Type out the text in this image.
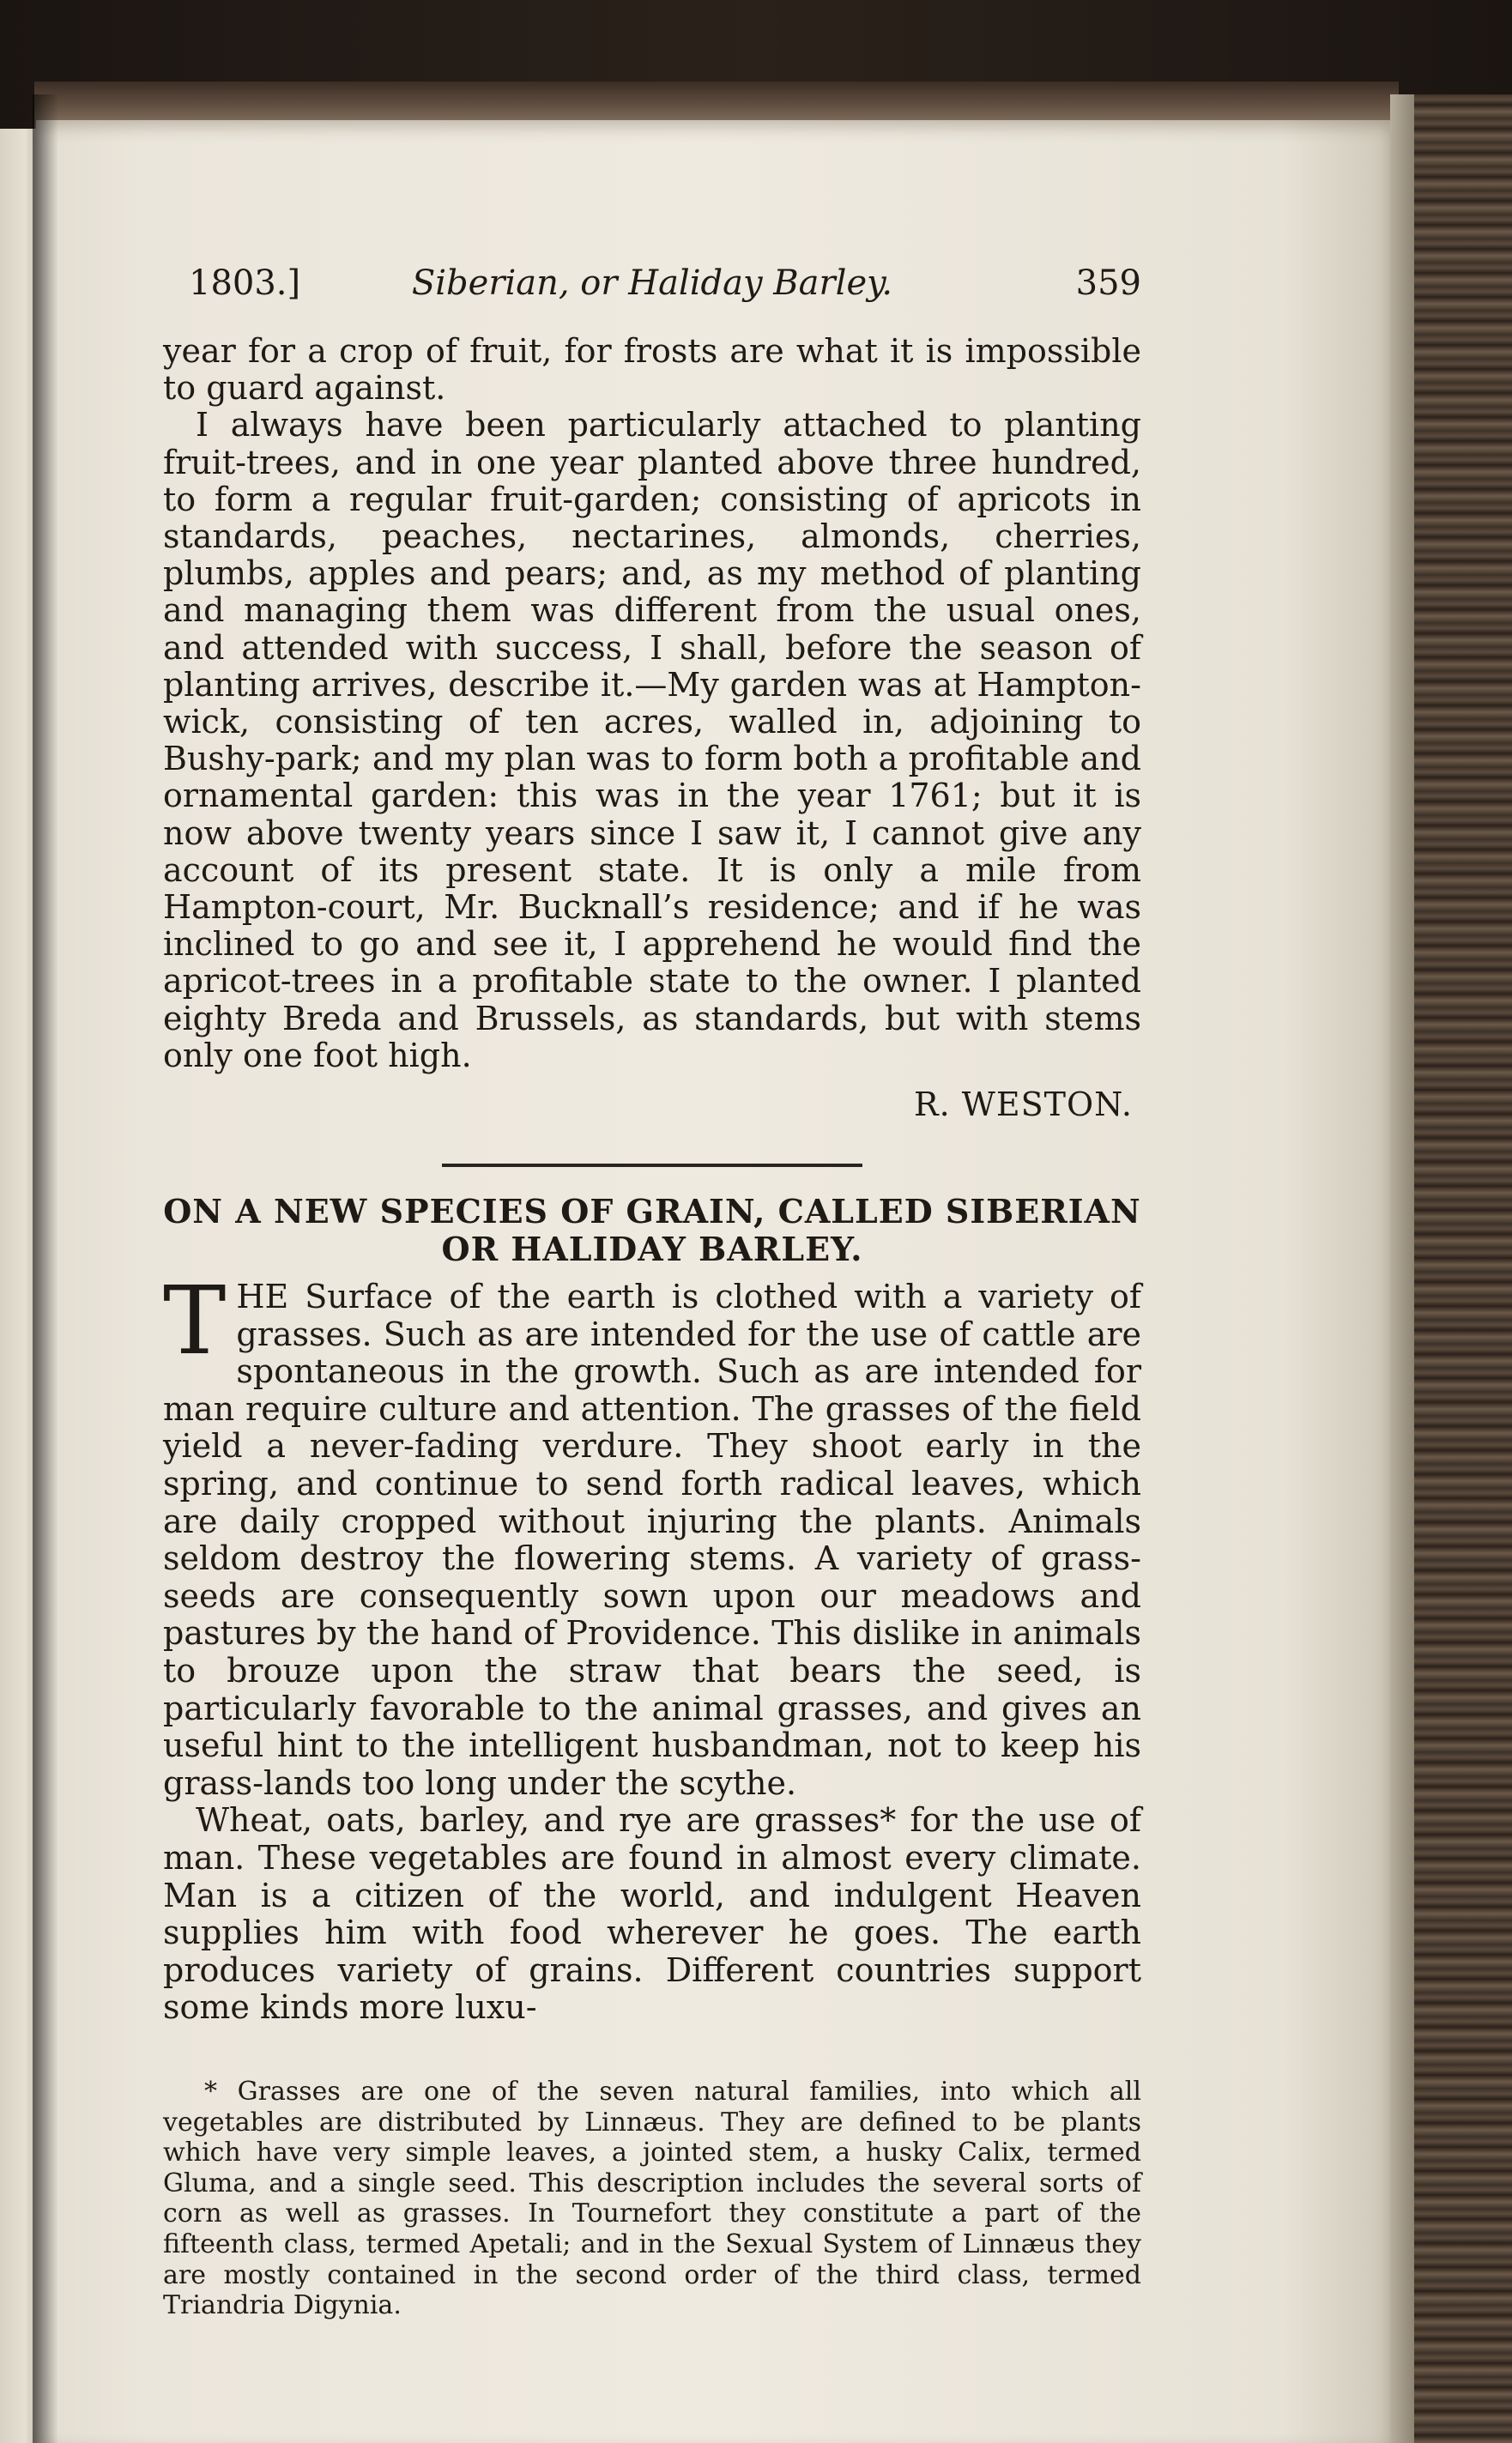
1803.]	Siberian, or Haliday Barley.	359

year for a crop of fruit, for frosts are what it is impossible to guard against.

I always have been particularly attached to planting fruit-trees, and in one year planted above three hundred, to form a regular fruit-garden; consisting of apricots in standards, peaches, nectarines, almonds, cherries, plumbs, apples and pears; and, as my method of planting and managing them was different from the usual ones, and attended with success, I shall, before the season of planting arrives, describe it.—My garden was at Hampton-wick, consisting of ten acres, walled in, adjoining to Bushy-park; and my plan was to form both a profitable and ornamental garden: this was in the year 1761; but it is now above twenty years since I saw it, I cannot give any account of its present state. It is only a mile from Hampton-court, Mr. Bucknall’s residence; and if he was inclined to go and see it, I apprehend he would find the apricot-trees in a profitable state to the owner. I planted eighty Breda and Brussels, as standards, but with stems only one foot high.

R. WESTON.
ON A NEW SPECIES OF GRAIN, CALLED SIBERIAN
OR HALIDAY BARLEY.

THE Surface of the earth is clothed with a variety of grasses. Such as are intended for the use of cattle are spontaneous in the growth. Such as are intended for man require culture and attention. The grasses of the field yield a never-fading verdure. They shoot early in the spring, and continue to send forth radical leaves, which are daily cropped without injuring the plants. Animals seldom destroy the flowering stems. A variety of grass-seeds are consequently sown upon our meadows and pastures by the hand of Providence. This dislike in animals to brouze upon the straw that bears the seed, is particularly favorable to the animal grasses, and gives an useful hint to the intelligent husbandman, not to keep his grass-lands too long under the scythe.

Wheat, oats, barley, and rye are grasses* for the use of man. These vegetables are found in almost every climate. Man is a citizen of the world, and indulgent Heaven supplies him with food wherever he goes. The earth produces variety of grains. Different countries support some kinds more luxu-

* Grasses are one of the seven natural families, into which all vegetables are distributed by Linnæus. They are defined to be plants which have very simple leaves, a jointed stem, a husky Calix, termed Gluma, and a single seed. This description includes the several sorts of corn as well as grasses. In Tournefort they constitute a part of the fifteenth class, termed Apetali; and in the Sexual System of Linnæus they are mostly contained in the second order of the third class, termed Triandria Digynia.
